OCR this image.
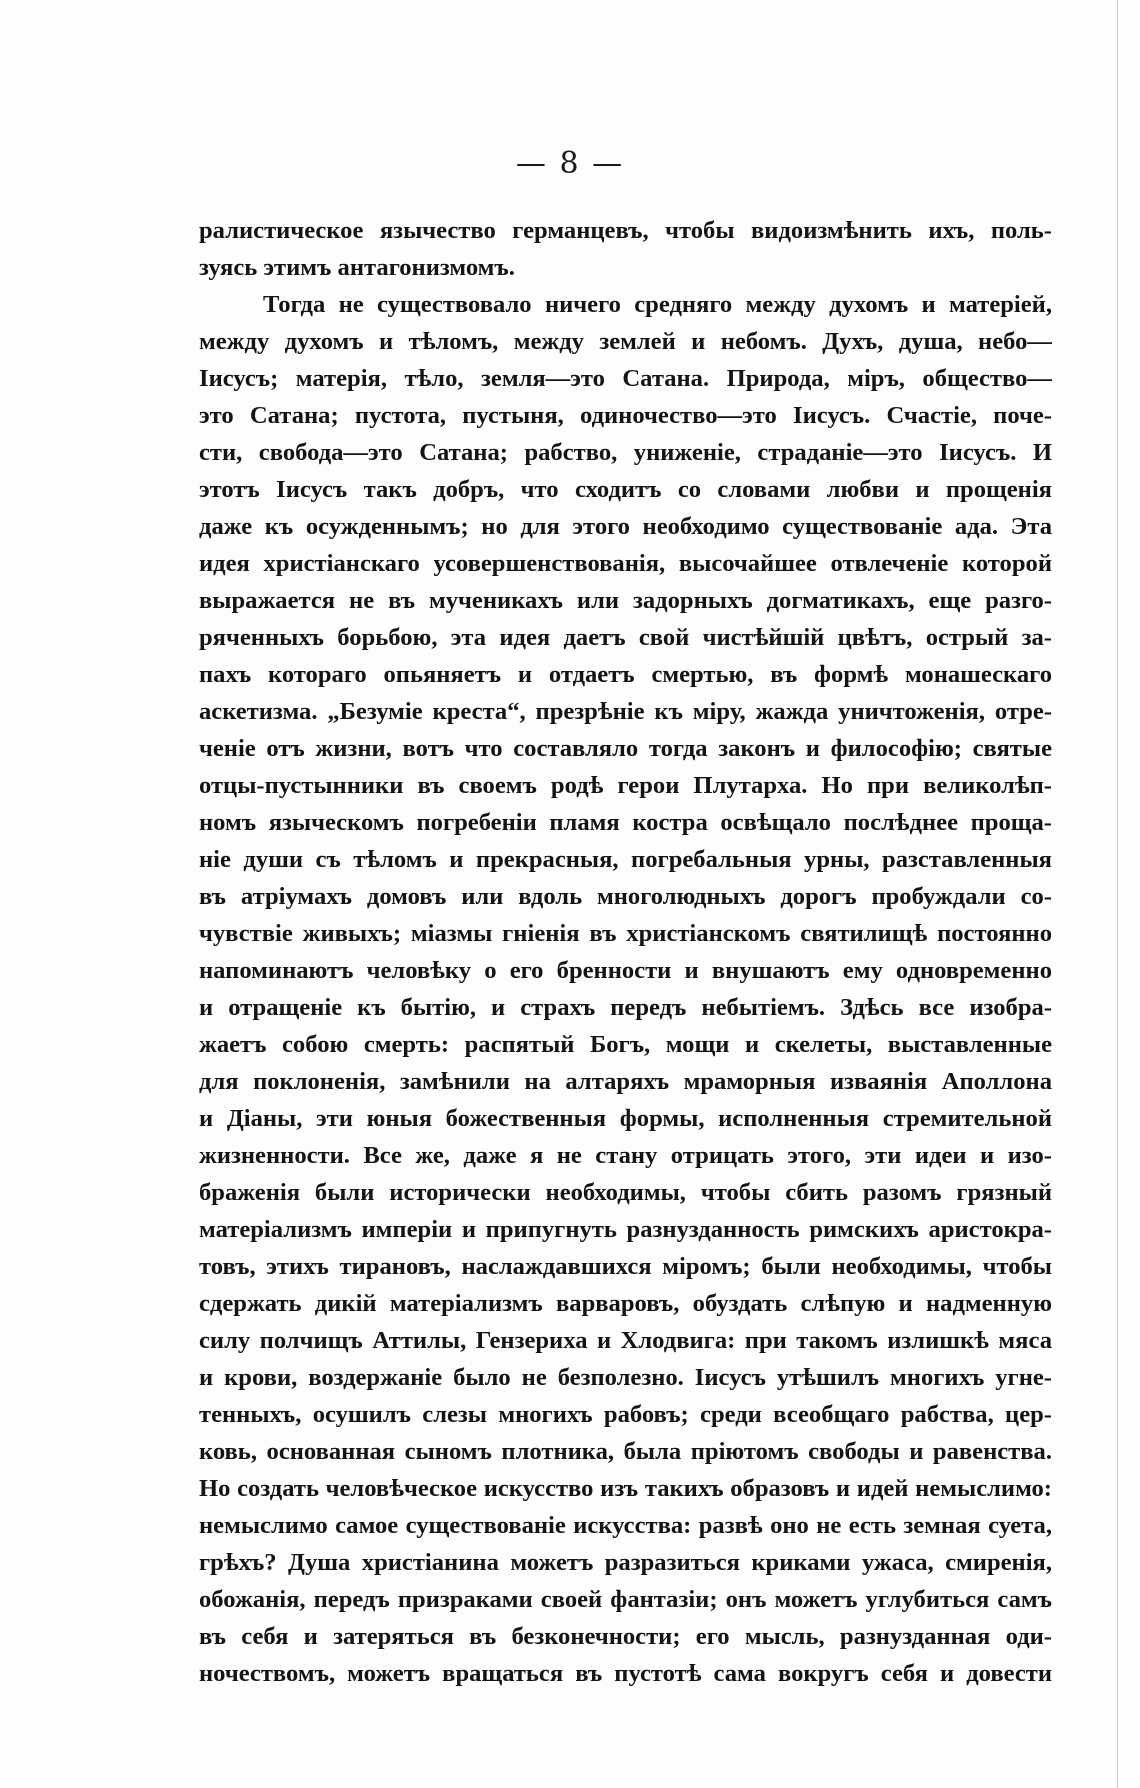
— 8 —
ралистическое язычество германцевъ, чтобы видоизмѣнить ихъ, поль-
зуясь этимъ антагонизмомъ.
Тогда не существовало ничего средняго между духомъ и матеріей,
между духомъ и тѣломъ, между землей и небомъ. Духъ, душа, небо—
Іисусъ; матерія, тѣло, земля—это Сатана. Природа, міръ, общество—
это Сатана; пустота, пустыня, одиночество—это Іисусъ. Счастіе, поче-
сти, свобода—это Сатана; рабство, униженіе, страданіе—это Іисусъ. И
этотъ Іисусъ такъ добръ, что сходитъ со словами любви и прощенія
даже къ осужденнымъ; но для этого необходимо существованіе ада. Эта
идея христіанскаго усовершенствованія, высочайшее отвлеченіе которой
выражается не въ мученикахъ или задорныхъ догматикахъ, еще разго-
ряченныхъ борьбою, эта идея даетъ свой чистѣйшій цвѣтъ, острый за-
пахъ котораго опьяняетъ и отдаетъ смертью, въ формѣ монашескаго
аскетизма. „Безуміе креста“, презрѣніе къ міру, жажда уничтоженія, отре-
ченіе отъ жизни, вотъ что составляло тогда законъ и философію; святые
отцы-пустынники въ своемъ родѣ герои Плутарха. Но при великолѣп-
номъ языческомъ погребеніи пламя костра освѣщало послѣднее проща-
ніе души съ тѣломъ и прекрасныя, погребальныя урны, разставленныя
въ атріумахъ домовъ или вдоль многолюдныхъ дорогъ пробуждали со-
чувствіе живыхъ; міазмы гніенія въ христіанскомъ святилищѣ постоянно
напоминаютъ человѣку о его бренности и внушаютъ ему одновременно
и отращеніе къ бытію, и страхъ передъ небытіемъ. Здѣсь все изобра-
жаетъ собою смерть: распятый Богъ, мощи и скелеты, выставленные
для поклоненія, замѣнили на алтаряхъ мраморныя изваянія Аполлона
и Діаны, эти юныя божественныя формы, исполненныя стремительной
жизненности. Все же, даже я не стану отрицать этого, эти идеи и изо-
браженія были исторически необходимы, чтобы сбить разомъ грязный
матеріализмъ имперіи и припугнуть разнузданность римскихъ аристокра-
товъ, этихъ тирановъ, наслаждавшихся міромъ; были необходимы, чтобы
сдержать дикій матеріализмъ варваровъ, обуздать слѣпую и надменную
силу полчищъ Аттилы, Гензериха и Хлодвига: при такомъ излишкѣ мяса
и крови, воздержаніе было не безполезно. Іисусъ утѣшилъ многихъ угне-
тенныхъ, осушилъ слезы многихъ рабовъ; среди всеобщаго рабства, цер-
ковь, основанная сыномъ плотника, была пріютомъ свободы и равенства.
Но создать человѣческое искусство изъ такихъ образовъ и идей немыслимо:
немыслимо самое существованіе искусства: развѣ оно не есть земная суета,
грѣхъ? Душа христіанина можетъ разразиться криками ужаса, смиренія,
обожанія, передъ призраками своей фантазіи; онъ можетъ углубиться самъ
въ себя и затеряться въ безконечности; его мысль, разнузданная оди-
ночествомъ, можетъ вращаться въ пустотѣ сама вокругъ себя и довести
